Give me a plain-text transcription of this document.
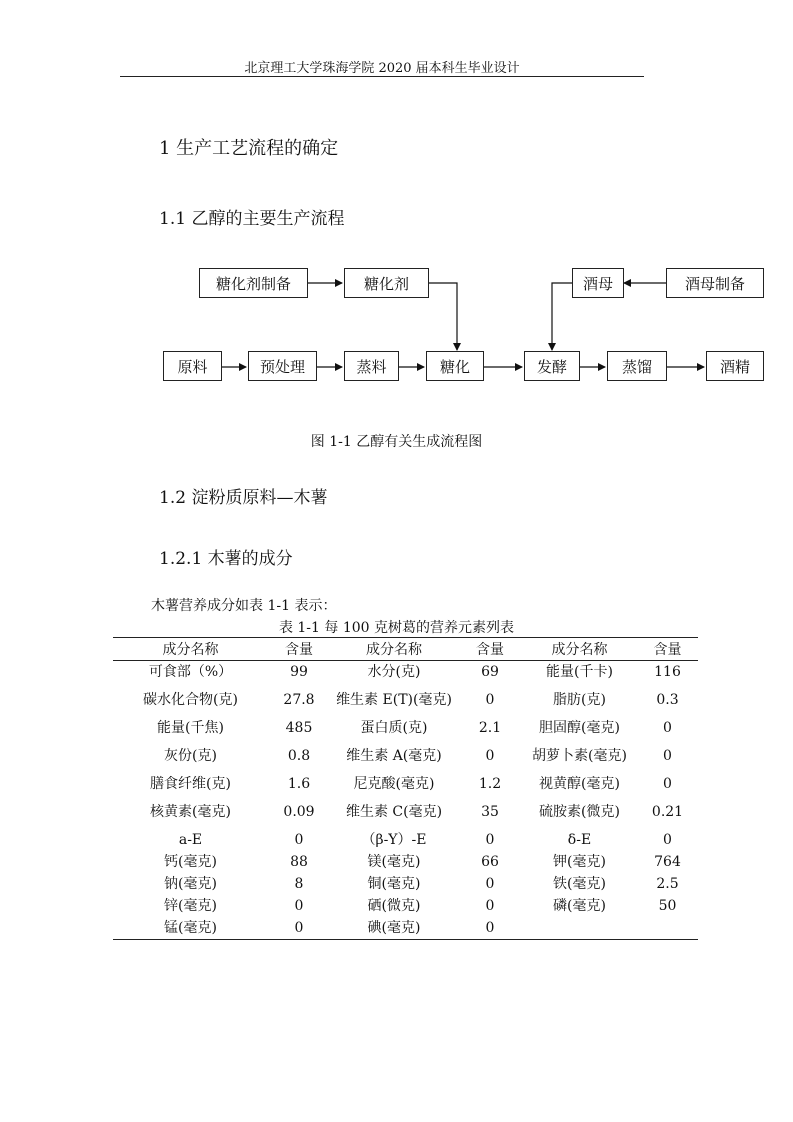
北京理工大学珠海学院 2020 届本科生毕业设计
1 生产工艺流程的确定
1.1 乙醇的主要生产流程
糖化剂制备	糖化剂	酒母	酒母制备
原料	预处理	蒸料	糖化	发酵	蒸馏	酒精
图 1-1 乙醇有关生成流程图
1.2 淀粉质原料—木薯
1.2.1 木薯的成分
木薯营养成分如表 1-1 表示：
表 1-1 每 100 克树葛的营养元素列表
成分名称	含量	成分名称	含量	成分名称	含量
可食部（%）	99	水分(克)	69	能量(千卡)	116
碳水化合物(克)	27.8	维生素 E(T)(毫克)	0	脂肪(克)	0.3
能量(千焦)	485	蛋白质(克)	2.1	胆固醇(毫克)	0
灰份(克)	0.8	维生素 A(毫克)	0	胡萝卜素(毫克)	0
膳食纤维(克)	1.6	尼克酸(毫克)	1.2	视黄醇(毫克)	0
核黄素(毫克)	0.09	维生素 C(毫克)	35	硫胺素(微克)	0.21
a-E	0	（β-Y）-E	0	δ-E	0
钙(毫克)	88	镁(毫克)	66	钾(毫克)	764
钠(毫克)	8	铜(毫克)	0	铁(毫克)	2.5
锌(毫克)	0	硒(微克)	0	磷(毫克)	50
锰(毫克)	0	碘(毫克)	0		
